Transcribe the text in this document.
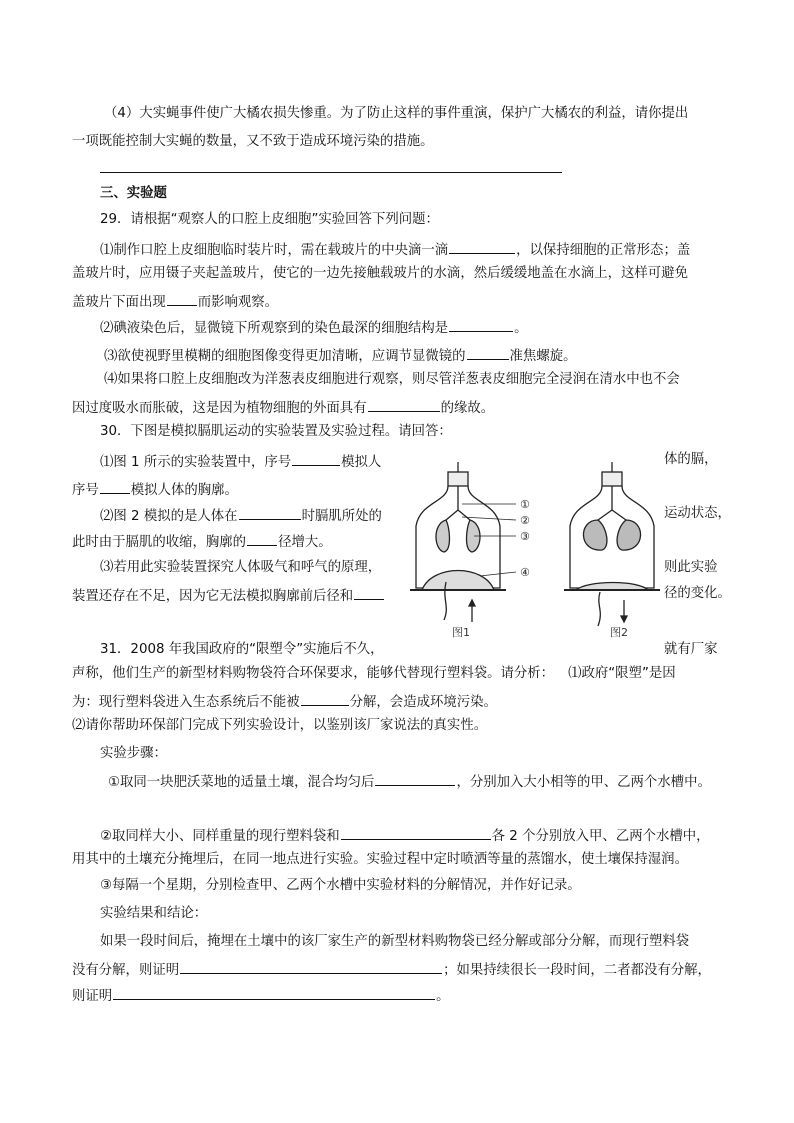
（4）大实蝇事件使广大橘农损失惨重。为了防止这样的事件重演，保护广大橘农的利益，请你提出
一项既能控制大实蝇的数量，又不致于造成环境污染的措施。
三、实验题
29．请根据“观察人的口腔上皮细胞”实验回答下列问题：
⑴制作口腔上皮细胞临时装片时，需在载玻片的中央滴一滴	，以保持细胞的正常形态；盖
盖玻片时，应用镊子夹起盖玻片，使它的一边先接触载玻片的水滴，然后缓缓地盖在水滴上，这样可避免
盖玻片下面出现 而影响观察。
⑵碘液染色后，显微镜下所观察到的染色最深的细胞结构是	。
⑶欲使视野里模糊的细胞图像变得更加清晰，应调节显微镜的	准焦螺旋。
⑷如果将口腔上皮细胞改为洋葱表皮细胞进行观察，则尽管洋葱表皮细胞完全浸润在清水中也不会
因过度吸水而胀破，这是因为植物细胞的外面具有	的缘故。
30．下图是模拟膈肌运动的实验装置及实验过程。请回答：
⑴图 1 所示的实验装置中，序号	模拟人	体的膈，
序号 模拟人体的胸廓。
⑵图 2 模拟的是人体在	时膈肌所处的	运动状态，
此时由于膈肌的收缩，胸廓的 径增大。
⑶若用此实验装置探究人体吸气和呼气的原理，	则此实验
装置还存在不足，因为它无法模拟胸廓前后径和	径的变化。
①
②
③
④
图1	图2
31．2008 年我国政府的“限塑令”实施后不久，	就有厂家
声称，他们生产的新型材料购物袋符合环保要求，能够代替现行塑料袋。请分析： ⑴政府“限塑”是因
为：现行塑料袋进入生态系统后不能被	分解，会造成环境污染。
⑵请你帮助环保部门完成下列实验设计，以鉴别该厂家说法的真实性。
实验步骤：
①取同一块肥沃菜地的适量土壤，混合均匀后	，分别加入大小相等的甲、乙两个水槽中。
②取同样大小、同样重量的现行塑料袋和	各 2 个分别放入甲、乙两个水槽中，
用其中的土壤充分掩埋后，在同一地点进行实验。实验过程中定时喷洒等量的蒸馏水，使土壤保持湿润。
③每隔一个星期，分别检查甲、乙两个水槽中实验材料的分解情况，并作好记录。
实验结果和结论：
如果一段时间后，掩埋在土壤中的该厂家生产的新型材料购物袋已经分解或部分分解，而现行塑料袋
没有分解，则证明	；如果持续很长一段时间，二者都没有分解，
则证明	。
